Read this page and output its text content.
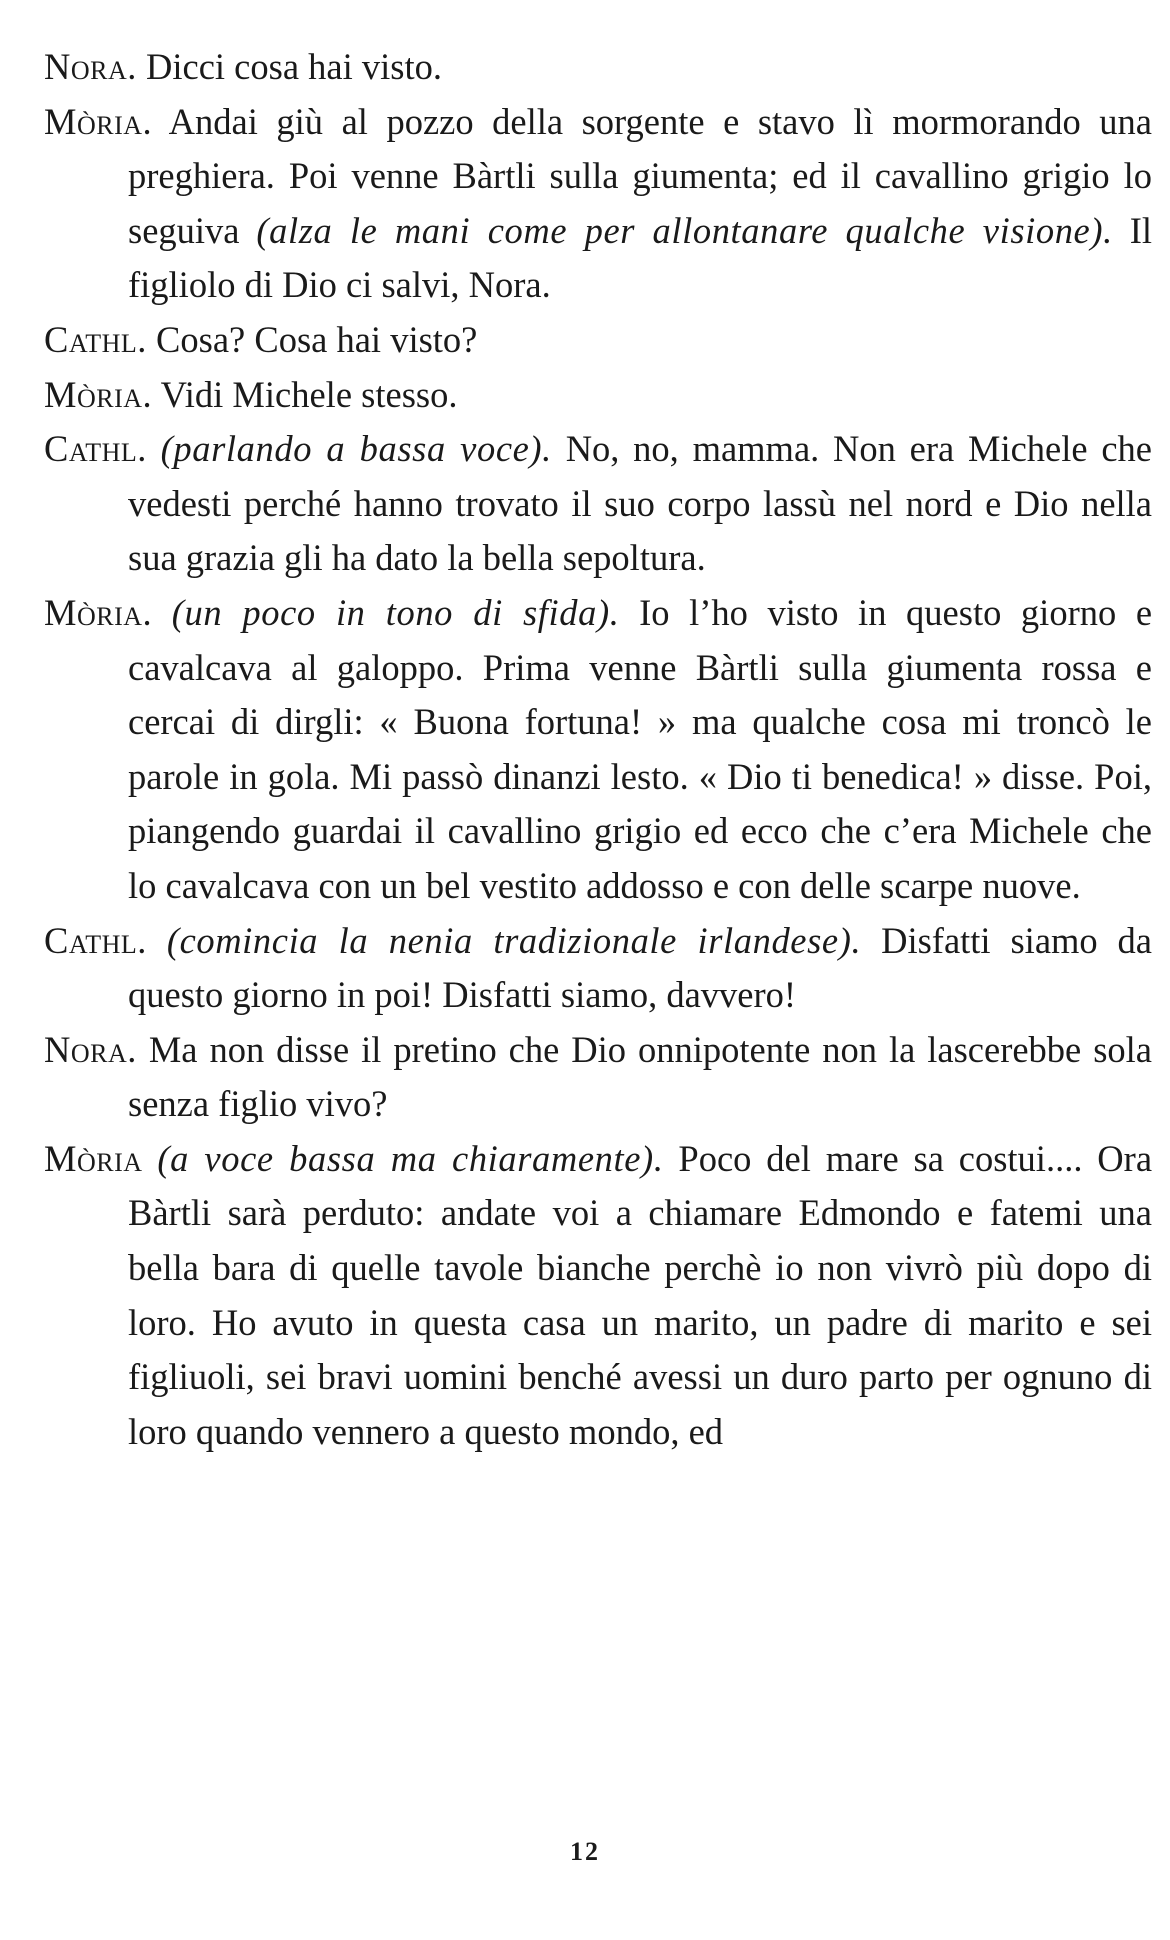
Nora. Dicci cosa hai visto.

Mòria. Andai giù al pozzo della sorgente e stavo lì mormorando una preghiera. Poi venne Bàrtli sulla giumenta; ed il cavallino grigio lo seguiva (alza le mani come per allontanare qualche visione). Il figliolo di Dio ci salvi, Nora.

Cathl. Cosa? Cosa hai visto?

Mòria. Vidi Michele stesso.

Cathl. (parlando a bassa voce). No, no, mamma. Non era Michele che vedesti perché hanno trovato il suo corpo lassù nel nord e Dio nella sua grazia gli ha dato la bella sepoltura.

Mòria. (un poco in tono di sfida). Io l’ho visto in questo giorno e cavalcava al galoppo. Prima venne Bàrtli sulla giumenta rossa e cercai di dirgli: « Buona fortuna! » ma qualche cosa mi troncò le parole in gola. Mi passò dinanzi lesto. « Dio ti benedica! » disse. Poi, piangendo guardai il cavallino grigio ed ecco che c’era Michele che lo cavalcava con un bel vestito addosso e con delle scarpe nuove.

Cathl. (comincia la nenia tradizionale irlandese). Disfatti siamo da questo giorno in poi! Disfatti siamo, davvero!

Nora. Ma non disse il pretino che Dio onnipotente non la lascerebbe sola senza figlio vivo?

Mòria (a voce bassa ma chiaramente). Poco del mare sa costui.... Ora Bàrtli sarà perduto: andate voi a chiamare Edmondo e fatemi una bella bara di quelle tavole bianche perchè io non vivrò più dopo di loro. Ho avuto in questa casa un marito, un padre di marito e sei figliuoli, sei bravi uomini benché avessi un duro parto per ognuno di loro quando vennero a questo mondo, ed

12
